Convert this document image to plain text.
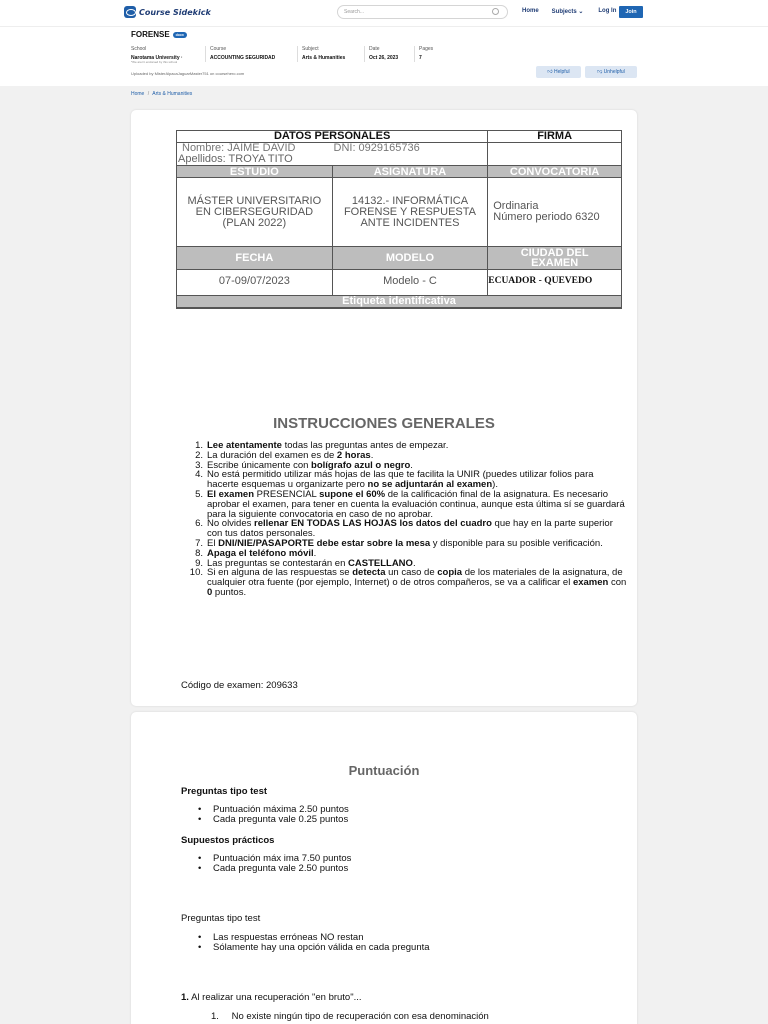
Course Sidekick	Search...	Home Subjects ⌄	Log In	Join
FORENSE	docx
School
Narotama University ·
Course
ACCOUNTING SEGURIDAD
Subject
Arts & Humanities
Date
Oct 26, 2023
Pages
7
*We aren't endorsed by this school
Uploaded by MisterAlpacaJaguarMaster751 on coursehero.com	👍︎ Helpful	👎︎ Unhelpful
Home / Arts & Humanities
DATOS PERSONALES		FIRMA

Nombre: JAIME DAVID DNI: 0929165736		

Apellidos: TROYA TITO		

ESTUDIO	ASIGNATURA	CONVOCATORIA
MÁSTER UNIVERSITARIO EN CIBERSEGURIDAD (PLAN 2022)	14132.- INFORMÁTICA FORENSE Y RESPUESTA ANTE INCIDENTES	Ordinaria
Número periodo 6320

FECHA	MODELO	CIUDAD DEL EXAMEN
07-09/07/2023	Modelo - C	ECUADOR - QUEVEDO
Etiqueta identificativa		
INSTRUCCIONES GENERALES
1. Lee atentamente todas las preguntas antes de empezar.
2. La duración del examen es de 2 horas.
3. Escribe únicamente con bolígrafo azul o negro.
4. No está permitido utilizar más hojas de las que te facilita la UNIR (puedes utilizar folios para hacerte esquemas u organizarte pero no se adjuntarán al examen).
5. El examen PRESENCIAL supone el 60% de la calificación final de la asignatura. Es necesario aprobar el examen, para tener en cuenta la evaluación continua, aunque esta última sí se guardará para la siguiente convocatoria en caso de no aprobar.
6. No olvides rellenar EN TODAS LAS HOJAS los datos del cuadro que hay en la parte superior con tus datos personales.
7. El DNI/NIE/PASAPORTE debe estar sobre la mesa y disponible para su posible verificación.
8. Apaga el teléfono móvil.
9. Las preguntas se contestarán en CASTELLANO.
10. Si en alguna de las respuestas se detecta un caso de copia de los materiales de la asignatura, de cualquier otra fuente (por ejemplo, Internet) o de otros compañeros, se va a calificar el examen con 0 puntos.
Código de examen: 209633
Puntuación
Preguntas tipo test
•	Puntuación máxima 2.50 puntos
•	Cada pregunta vale 0.25 puntos
Supuestos prácticos
•	Puntuación máx ima 7.50 puntos
•	Cada pregunta vale 2.50 puntos
Preguntas tipo test
•	Las respuestas erróneas NO restan
•	Sólamente hay una opción válida en cada pregunta
1. Al realizar una recuperación "en bruto"...
1. No existe ningún tipo de recuperación con esa denominación
